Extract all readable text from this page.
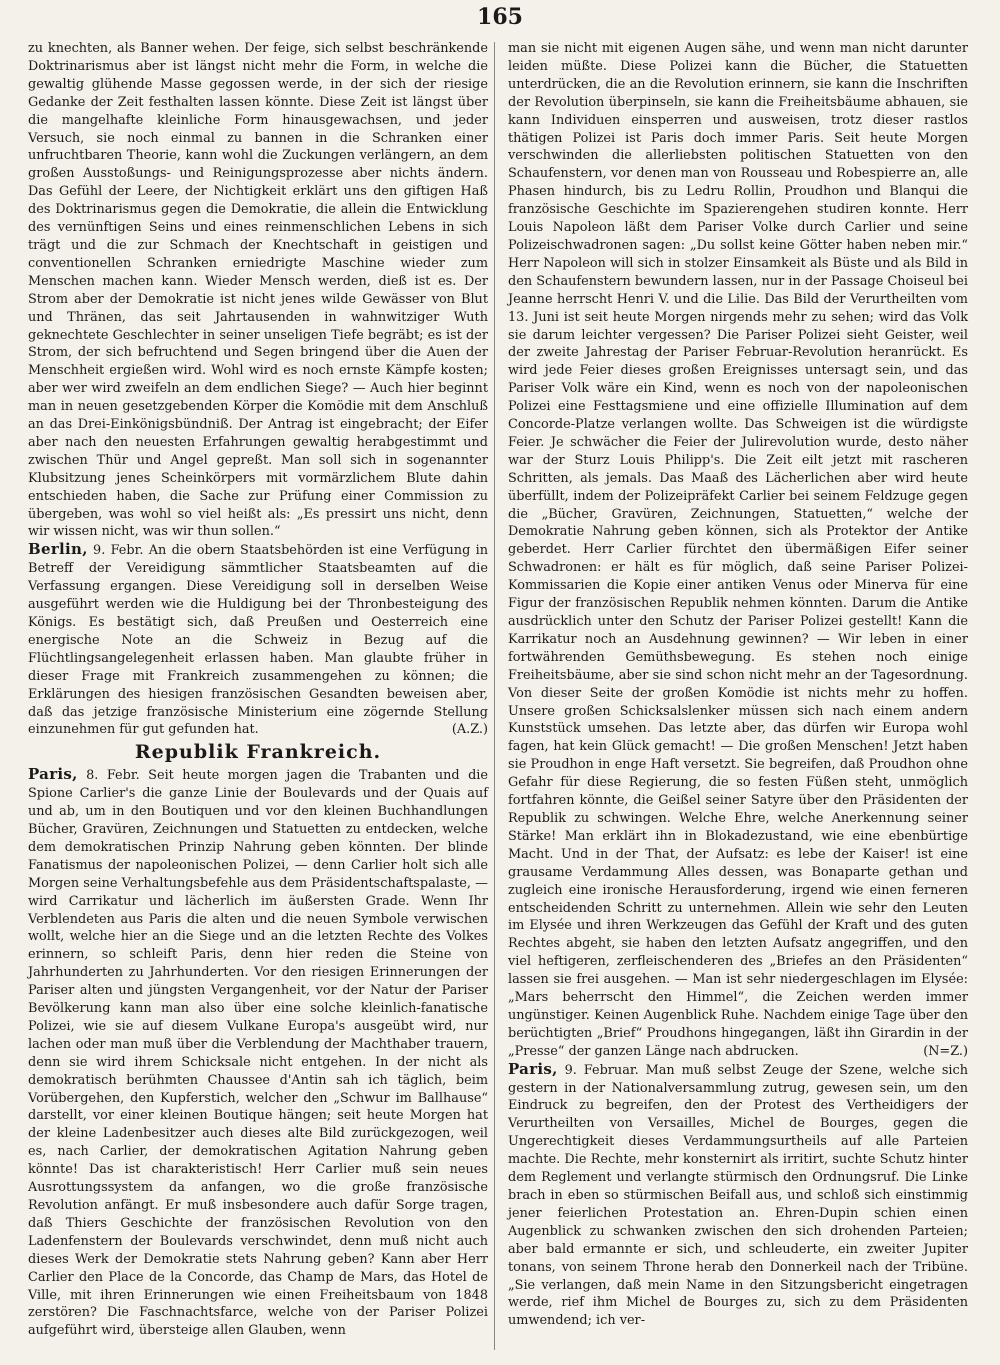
165

zu knechten, als Banner wehen. Der feige, sich selbst beschränkende Doktrinarismus aber ist längst nicht mehr die Form, in welche die gewaltig glühende Masse gegossen werde, in der sich der riesige Gedanke der Zeit festhalten lassen könnte. Diese Zeit ist längst über die mangelhafte kleinliche Form hinausgewachsen, und jeder Versuch, sie noch einmal zu bannen in die Schranken einer unfruchtbaren Theorie, kann wohl die Zuckungen verlängern, an dem großen Ausstoßungs- und Reinigungsprozesse aber nichts ändern. Das Gefühl der Leere, der Nichtigkeit erklärt uns den giftigen Haß des Doktrinarismus gegen die Demokratie, die allein die Entwicklung des vernünftigen Seins und eines reinmenschlichen Lebens in sich trägt und die zur Schmach der Knechtschaft in geistigen und conventionellen Schranken erniedrigte Maschine wieder zum Menschen machen kann. Wieder Mensch werden, dieß ist es. Der Strom aber der Demokratie ist nicht jenes wilde Gewässer von Blut und Thränen, das seit Jahrtausenden in wahnwitziger Wuth geknechtete Geschlechter in seiner unseligen Tiefe begräbt; es ist der Strom, der sich befruchtend und Segen bringend über die Auen der Menschheit ergießen wird. Wohl wird es noch ernste Kämpfe kosten; aber wer wird zweifeln an dem endlichen Siege? — Auch hier beginnt man in neuen gesetzgebenden Körper die Komödie mit dem Anschluß an das Drei-Einkönigsbündniß. Der Antrag ist eingebracht; der Eifer aber nach den neuesten Erfahrungen gewaltig herabgestimmt und zwischen Thür und Angel gepreßt. Man soll sich in sogenannter Klubsitzung jenes Scheinkörpers mit vormärzlichem Blute dahin entschieden haben, die Sache zur Prüfung einer Commission zu übergeben, was wohl so viel heißt als: „Es pressirt uns nicht, denn wir wissen nicht, was wir thun sollen.“

Berlin, 9. Febr. An die obern Staatsbehörden ist eine Verfügung in Betreff der Vereidigung sämmtlicher Staatsbeamten auf die Verfassung ergangen. Diese Vereidigung soll in derselben Weise ausgeführt werden wie die Huldigung bei der Thronbesteigung des Königs. Es bestätigt sich, daß Preußen und Oesterreich eine energische Note an die Schweiz in Bezug auf die Flüchtlingsangelegenheit erlassen haben. Man glaubte früher in dieser Frage mit Frankreich zusammengehen zu können; die Erklärungen des hiesigen französischen Gesandten beweisen aber, daß das jetzige französische Ministerium eine zögernde Stellung einzunehmen für gut gefunden hat.	(A.Z.)

Republik Frankreich.

Paris, 8. Febr. Seit heute morgen jagen die Trabanten und die Spione Carlier's die ganze Linie der Boulevards und der Quais auf und ab, um in den Boutiquen und vor den kleinen Buchhandlungen Bücher, Gravüren, Zeichnungen und Statuetten zu entdecken, welche dem demokratischen Prinzip Nahrung geben könnten. Der blinde Fanatismus der napoleonischen Polizei, — denn Carlier holt sich alle Morgen seine Verhaltungsbefehle aus dem Präsidentschaftspalaste, — wird Carrikatur und lächerlich im äußersten Grade. Wenn Ihr Verblendeten aus Paris die alten und die neuen Symbole verwischen wollt, welche hier an die Siege und an die letzten Rechte des Volkes erinnern, so schleift Paris, denn hier reden die Steine von Jahrhunderten zu Jahrhunderten. Vor den riesigen Erinnerungen der Pariser alten und jüngsten Vergangenheit, vor der Natur der Pariser Bevölkerung kann man also über eine solche kleinlich-fanatische Polizei, wie sie auf diesem Vulkane Europa's ausgeübt wird, nur lachen oder man muß über die Verblendung der Machthaber trauern, denn sie wird ihrem Schicksale nicht entgehen. In der nicht als demokratisch berühmten Chaussee d'Antin sah ich täglich, beim Vorübergehen, den Kupferstich, welcher den „Schwur im Ballhause“ darstellt, vor einer kleinen Boutique hängen; seit heute Morgen hat der kleine Ladenbesitzer auch dieses alte Bild zurückgezogen, weil es, nach Carlier, der demokratischen Agitation Nahrung geben könnte! Das ist charakteristisch! Herr Carlier muß sein neues Ausrottungssystem da anfangen, wo die große französische Revolution anfängt. Er muß insbesondere auch dafür Sorge tragen, daß Thiers Geschichte der französischen Revolution von den Ladenfenstern der Boulevards verschwindet, denn muß nicht auch dieses Werk der Demokratie stets Nahrung geben? Kann aber Herr Carlier den Place de la Concorde, das Champ de Mars, das Hotel de Ville, mit ihren Erinnerungen wie einen Freiheitsbaum von 1848 zerstören? Die Faschnachtsfarce, welche von der Pariser Polizei aufgeführt wird, übersteige allen Glauben, wenn

man sie nicht mit eigenen Augen sähe, und wenn man nicht darunter leiden müßte. Diese Polizei kann die Bücher, die Statuetten unterdrücken, die an die Revolution erinnern, sie kann die Inschriften der Revolution überpinseln, sie kann die Freiheitsbäume abhauen, sie kann Individuen einsperren und ausweisen, trotz dieser rastlos thätigen Polizei ist Paris doch immer Paris. Seit heute Morgen verschwinden die allerliebsten politischen Statuetten von den Schaufenstern, vor denen man von Rousseau und Robespierre an, alle Phasen hindurch, bis zu Ledru Rollin, Proudhon und Blanqui die französische Geschichte im Spazierengehen studiren konnte. Herr Louis Napoleon läßt dem Pariser Volke durch Carlier und seine Polizeischwadronen sagen: „Du sollst keine Götter haben neben mir.“ Herr Napoleon will sich in stolzer Einsamkeit als Büste und als Bild in den Schaufenstern bewundern lassen, nur in der Passage Choiseul bei Jeanne herrscht Henri V. und die Lilie. Das Bild der Verurtheilten vom 13. Juni ist seit heute Morgen nirgends mehr zu sehen; wird das Volk sie darum leichter vergessen? Die Pariser Polizei sieht Geister, weil der zweite Jahrestag der Pariser Februar-Revolution heranrückt. Es wird jede Feier dieses großen Ereignisses untersagt sein, und das Pariser Volk wäre ein Kind, wenn es noch von der napoleonischen Polizei eine Festtagsmiene und eine offizielle Illumination auf dem Concorde-Platze verlangen wollte. Das Schweigen ist die würdigste Feier. Je schwächer die Feier der Julirevolution wurde, desto näher war der Sturz Louis Philipp's. Die Zeit eilt jetzt mit rascheren Schritten, als jemals. Das Maaß des Lächerlichen aber wird heute überfüllt, indem der Polizeipräfekt Carlier bei seinem Feldzuge gegen die „Bücher, Gravüren, Zeichnungen, Statuetten,“ welche der Demokratie Nahrung geben können, sich als Protektor der Antike geberdet. Herr Carlier fürchtet den übermäßigen Eifer seiner Schwadronen: er hält es für möglich, daß seine Pariser Polizei-Kommissarien die Kopie einer antiken Venus oder Minerva für eine Figur der französischen Republik nehmen könnten. Darum die Antike ausdrücklich unter den Schutz der Pariser Polizei gestellt! Kann die Karrikatur noch an Ausdehnung gewinnen? — Wir leben in einer fortwährenden Gemüthsbewegung. Es stehen noch einige Freiheitsbäume, aber sie sind schon nicht mehr an der Tagesordnung. Von dieser Seite der großen Komödie ist nichts mehr zu hoffen. Unsere großen Schicksalslenker müssen sich nach einem andern Kunststück umsehen. Das letzte aber, das dürfen wir Europa wohl fagen, hat kein Glück gemacht! — Die großen Menschen! Jetzt haben sie Proudhon in enge Haft versetzt. Sie begreifen, daß Proudhon ohne Gefahr für diese Regierung, die so festen Füßen steht, unmöglich fortfahren könnte, die Geißel seiner Satyre über den Präsidenten der Republik zu schwingen. Welche Ehre, welche Anerkennung seiner Stärke! Man erklärt ihn in Blokadezustand, wie eine ebenbürtige Macht. Und in der That, der Aufsatz: es lebe der Kaiser! ist eine grausame Verdammung Alles dessen, was Bonaparte gethan und zugleich eine ironische Herausforderung, irgend wie einen ferneren entscheidenden Schritt zu unternehmen. Allein wie sehr den Leuten im Elysée und ihren Werkzeugen das Gefühl der Kraft und des guten Rechtes abgeht, sie haben den letzten Aufsatz angegriffen, und den viel heftigeren, zerfleischenderen des „Briefes an den Präsidenten“ lassen sie frei ausgehen. — Man ist sehr niedergeschlagen im Elysée: „Mars beherrscht den Himmel“, die Zeichen werden immer ungünstiger. Keinen Augenblick Ruhe. Nachdem einige Tage über den berüchtigten „Brief“ Proudhons hingegangen, läßt ihn Girardin in der „Presse“ der ganzen Länge nach abdrucken.	(N=Z.)

Paris, 9. Februar. Man muß selbst Zeuge der Szene, welche sich gestern in der Nationalversammlung zutrug, gewesen sein, um den Eindruck zu begreifen, den der Protest des Vertheidigers der Verurtheilten von Versailles, Michel de Bourges, gegen die Ungerechtigkeit dieses Verdammungsurtheils auf alle Parteien machte. Die Rechte, mehr konsternirt als irritirt, suchte Schutz hinter dem Reglement und verlangte stürmisch den Ordnungsruf. Die Linke brach in eben so stürmischen Beifall aus, und schloß sich einstimmig jener feierlichen Protestation an. Ehren-Dupin schien einen Augenblick zu schwanken zwischen den sich drohenden Parteien; aber bald ermannte er sich, und schleuderte, ein zweiter Jupiter tonans, von seinem Throne herab den Donnerkeil nach der Tribüne. „Sie verlangen, daß mein Name in den Sitzungsbericht eingetragen werde, rief ihm Michel de Bourges zu, sich zu dem Präsidenten umwendend; ich ver-
